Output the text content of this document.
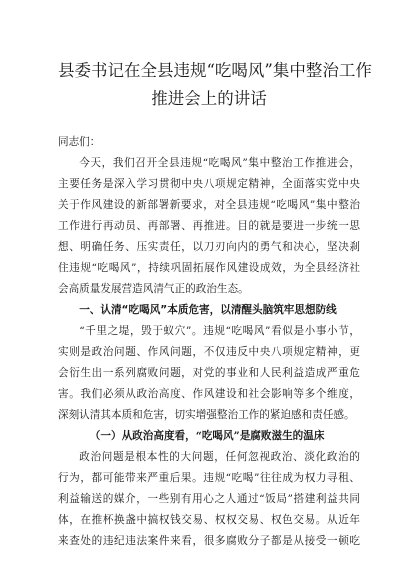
县委书记在全县违规“吃喝风”集中整治工作
推进会上的讲话

同志们：

今天，我们召开全县违规“吃喝风”集中整治工作推进会，
主要任务是深入学习贯彻中央八项规定精神，全面落实党中央
关于作风建设的新部署新要求，对全县违规“吃喝风”集中整治
工作进行再动员、再部署、再推进。目的就是要进一步统一思
想、明确任务、压实责任，以刀刃向内的勇气和决心，坚决刹
住违规“吃喝风”，持续巩固拓展作风建设成效，为全县经济社
会高质量发展营造风清气正的政治生态。

一、认清“吃喝风”本质危害，以清醒头脑筑牢思想防线

“千里之堤，毁于蚁穴”。违规“吃喝风”看似是小事小节，
实则是政治问题、作风问题，不仅违反中央八项规定精神，更
会衍生出一系列腐败问题，对党的事业和人民利益造成严重危
害。我们必须从政治高度、作风建设和社会影响等多个维度，
深刻认清其本质和危害，切实增强整治工作的紧迫感和责任感。

（一）从政治高度看，“吃喝风”是腐败滋生的温床

政治问题是根本性的大问题，任何忽视政治、淡化政治的
行为，都可能带来严重后果。违规“吃喝”往往成为权力寻租、
利益输送的媒介，一些别有用心之人通过“饭局”搭建利益共同
体，在推杯换盏中搞权钱交易、权权交易、权色交易。从近年
来查处的违纪违法案件来看，很多腐败分子都是从接受一顿吃
